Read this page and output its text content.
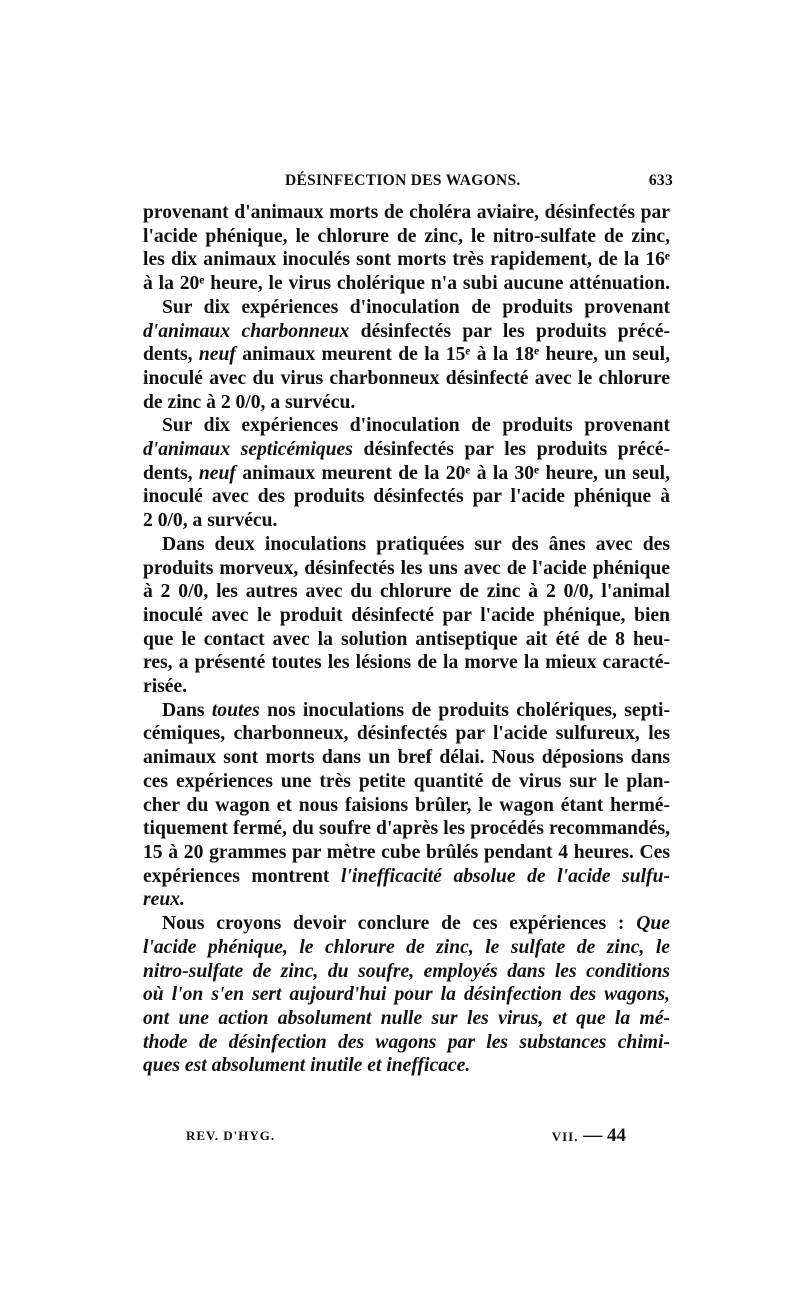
DÉSINFECTION DES WAGONS.	633

provenant d'animaux morts de choléra aviaire, désinfectés par
l'acide phénique, le chlorure de zinc, le nitro-sulfate de zinc,
les dix animaux inoculés sont morts très rapidement, de la 16ᵉ
à la 20ᵉ heure, le virus cholérique n'a subi aucune atténuation.

Sur dix expériences d'inoculation de produits provenant
d'animaux charbonneux désinfectés par les produits précé-
dents, neuf animaux meurent de la 15ᵉ à la 18ᵉ heure, un seul,
inoculé avec du virus charbonneux désinfecté avec le chlorure
de zinc à 2 0/0, a survécu.

Sur dix expériences d'inoculation de produits provenant
d'animaux septicémiques désinfectés par les produits précé-
dents, neuf animaux meurent de la 20ᵉ à la 30ᵉ heure, un seul,
inoculé avec des produits désinfectés par l'acide phénique à
2 0/0, a survécu.

Dans deux inoculations pratiquées sur des ânes avec des
produits morveux, désinfectés les uns avec de l'acide phénique
à 2 0/0, les autres avec du chlorure de zinc à 2 0/0, l'animal
inoculé avec le produit désinfecté par l'acide phénique, bien
que le contact avec la solution antiseptique ait été de 8 heu-
res, a présenté toutes les lésions de la morve la mieux caracté-
risée.

Dans toutes nos inoculations de produits cholériques, septi-
cémiques, charbonneux, désinfectés par l'acide sulfureux, les
animaux sont morts dans un bref délai. Nous déposions dans
ces expériences une très petite quantité de virus sur le plan-
cher du wagon et nous faisions brûler, le wagon étant hermé-
tiquement fermé, du soufre d'après les procédés recommandés,
15 à 20 grammes par mètre cube brûlés pendant 4 heures. Ces
expériences montrent l'inefficacité absolue de l'acide sulfu-
reux.

Nous croyons devoir conclure de ces expériences : Que
l'acide phénique, le chlorure de zinc, le sulfate de zinc, le
nitro-sulfate de zinc, du soufre, employés dans les conditions
où l'on s'en sert aujourd'hui pour la désinfection des wagons,
ont une action absolument nulle sur les virus, et que la mé-
thode de désinfection des wagons par les substances chimi-
ques est absolument inutile et inefficace.

REV. D'HYG.	VII. — 44
